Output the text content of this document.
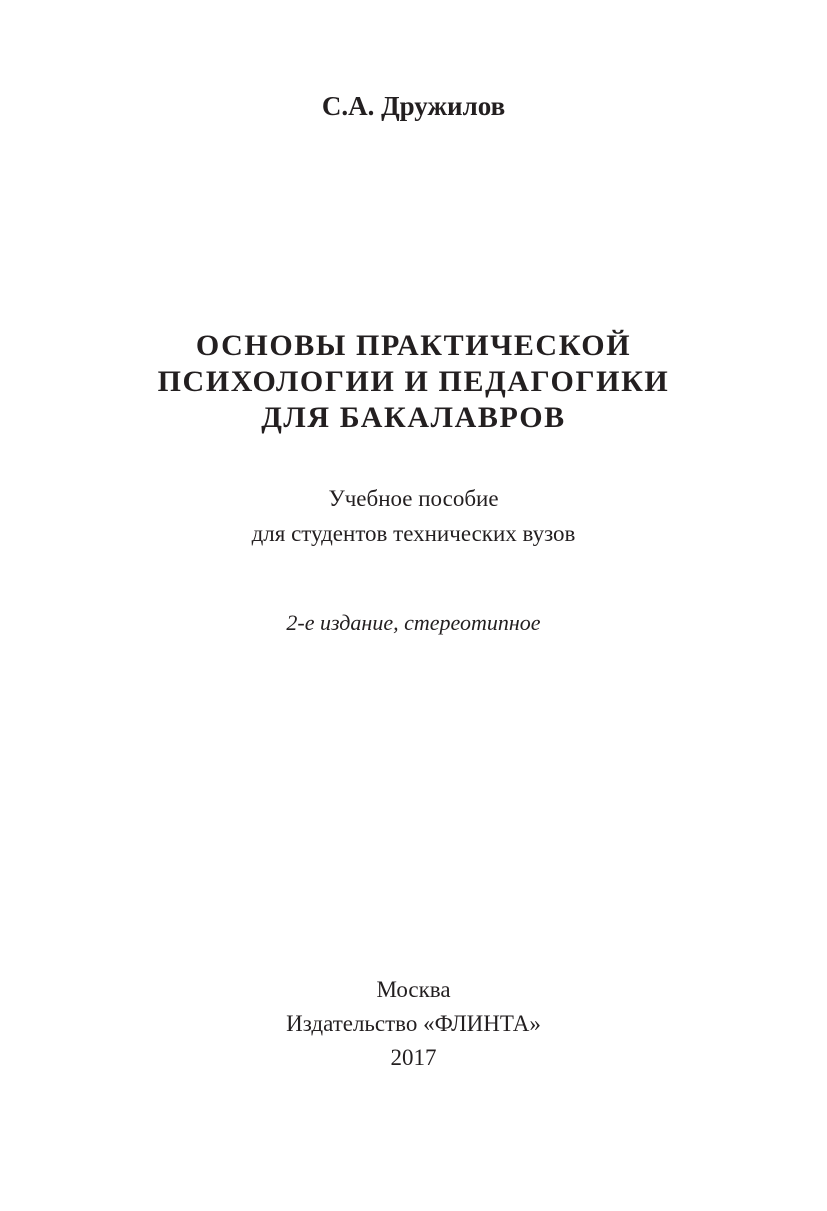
С.А. Дружилов
ОСНОВЫ ПРАКТИЧЕСКОЙ
ПСИХОЛОГИИ И ПЕДАГОГИКИ
ДЛЯ БАКАЛАВРОВ
Учебное пособие
для студентов технических вузов
2-е издание, стереотипное
Москва
Издательство «ФЛИНТА»
2017
